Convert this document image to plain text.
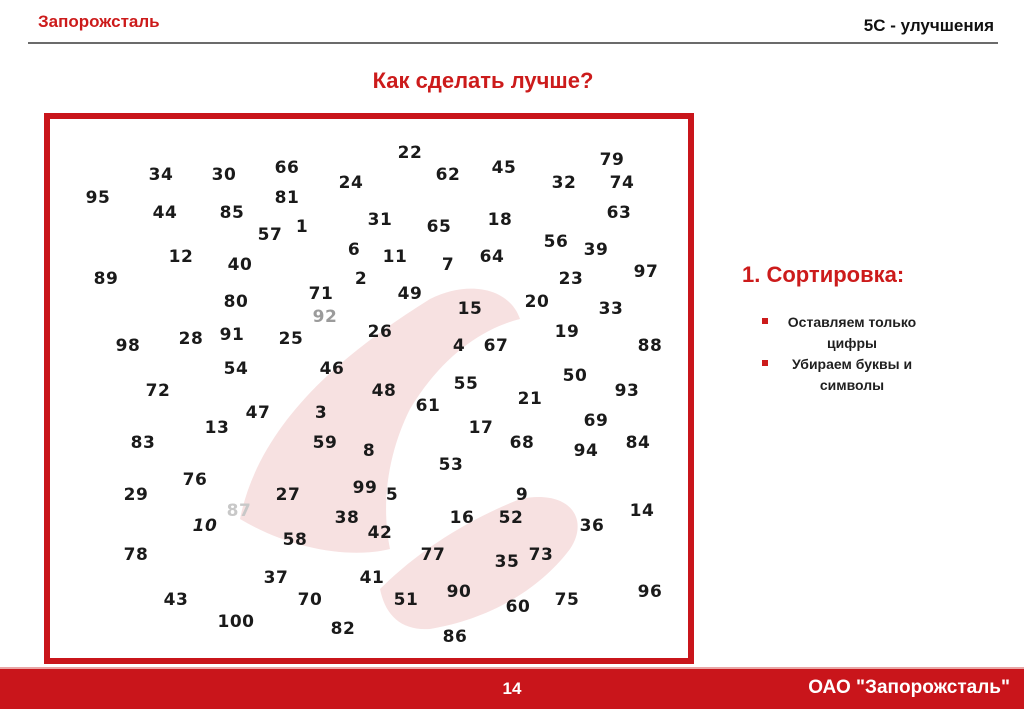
Запорожсталь	5С - улучшения
Как сделать лучше?
22	79
34 30 66	62 45
24	32 74
95	81
44 85	63
31	18
1	65
57	56
6	39
12	11	64
40	7	97
89	2	23
71	49
80	20
15	33
92
26	19
91
28	25
98	4 67	88
54	46	50
55
72	48	93
21
61
47	3	69
13	17
83	59	68	84
8	94
53
76	99
29	27	5	9
87	14
38	16 52
10	36
42
58
77
78	73
35
37	41
90	96
43	70	51	75
60
100	82	86
1. Сортировка:
Оставляем только цифры
Убираем буквы и символы
14	ОАО "Запорожсталь"
